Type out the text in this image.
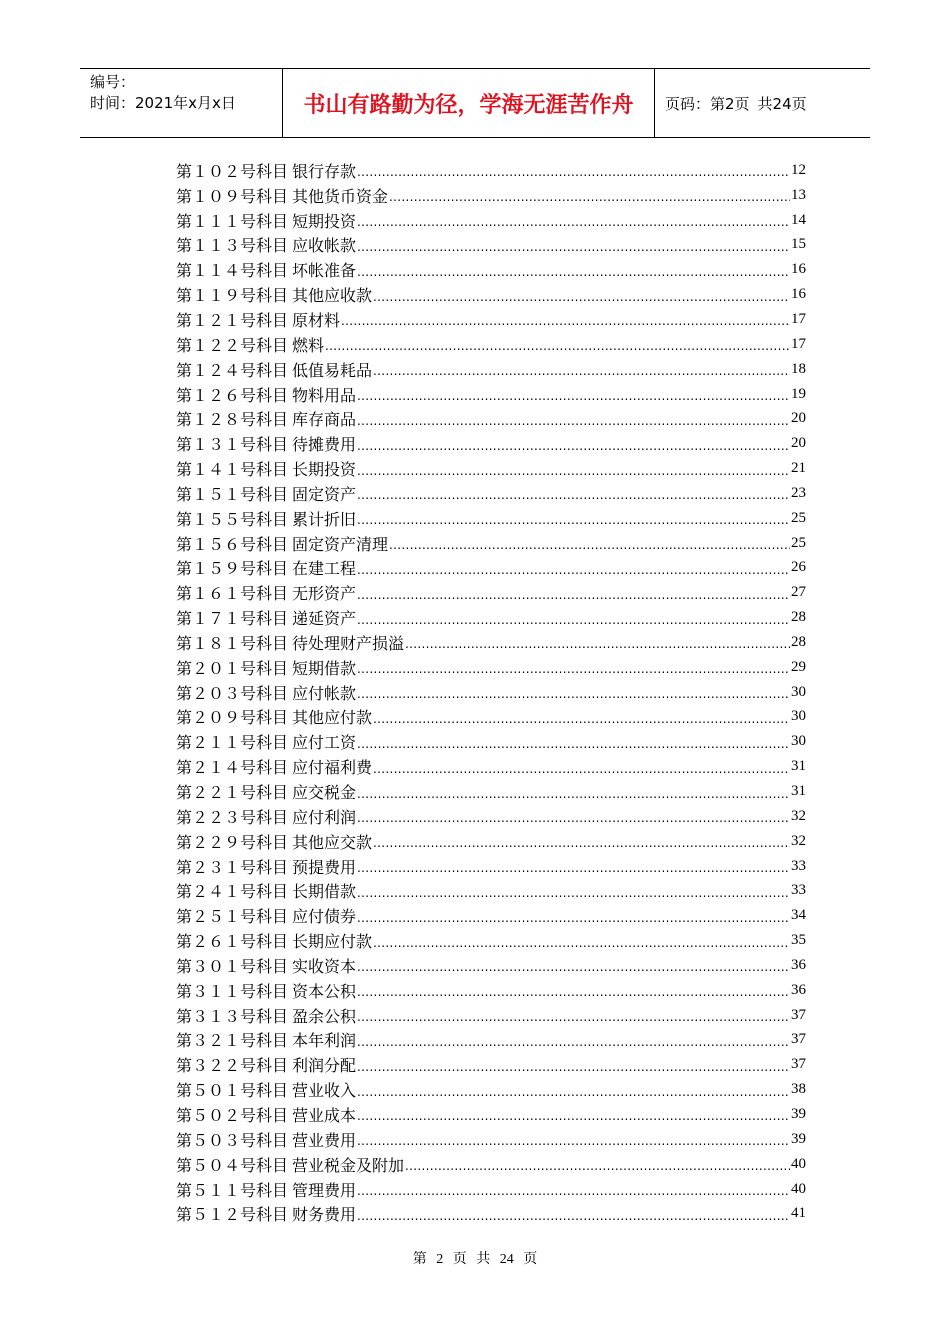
编号：
时间：2021年x月x日	书山有路勤为径，学海无涯苦作舟 页码：第2页 共24页
第１０２号科目 银行存款 .....	12
第１０９号科目 其他货币资金 .....	13
第１１１号科目 短期投资 .....	14
第１１３号科目 应收帐款 .....	15
第１１４号科目 坏帐准备 .....	16
第１１９号科目 其他应收款 .....	16
第１２１号科目 原材料 .....	17
第１２２号科目 燃料 .....	17
第１２４号科目 低值易耗品 .....	18
第１２６号科目 物料用品 .....	19
第１２８号科目 库存商品 .....	20
第１３１号科目 待摊费用 .....	20
第１４１号科目 长期投资 .....	21
第１５１号科目 固定资产 .....	23
第１５５号科目 累计折旧 .....	25
第１５６号科目 固定资产清理 .....	25
第１５９号科目 在建工程 .....	26
第１６１号科目 无形资产 .....	27
第１７１号科目 递延资产 .....	28
第１８１号科目 待处理财产损溢 .....	28
第２０１号科目 短期借款 .....	29
第２０３号科目 应付帐款 .....	30
第２０９号科目 其他应付款 .....	30
第２１１号科目 应付工资 .....	30
第２１４号科目 应付福利费 .....	31
第２２１号科目 应交税金 .....	31
第２２３号科目 应付利润 .....	32
第２２９号科目 其他应交款 .....	32
第２３１号科目 预提费用 .....	33
第２４１号科目 长期借款 .....	33
第２５１号科目 应付债券 .....	34
第２６１号科目 长期应付款 .....	35
第３０１号科目 实收资本 .....	36
第３１１号科目 资本公积 .....	36
第３１３号科目 盈余公积 .....	37
第３２１号科目 本年利润 .....	37
第３２２号科目 利润分配 .....	37
第５０１号科目 营业收入 .....	38
第５０２号科目 营业成本 .....	39
第５０３号科目 营业费用 .....	39
第５０４号科目 营业税金及附加 .....	40
第５１１号科目 管理费用 .....	40
第５１２号科目 财务费用 .....	41
第 2 页 共 24 页
